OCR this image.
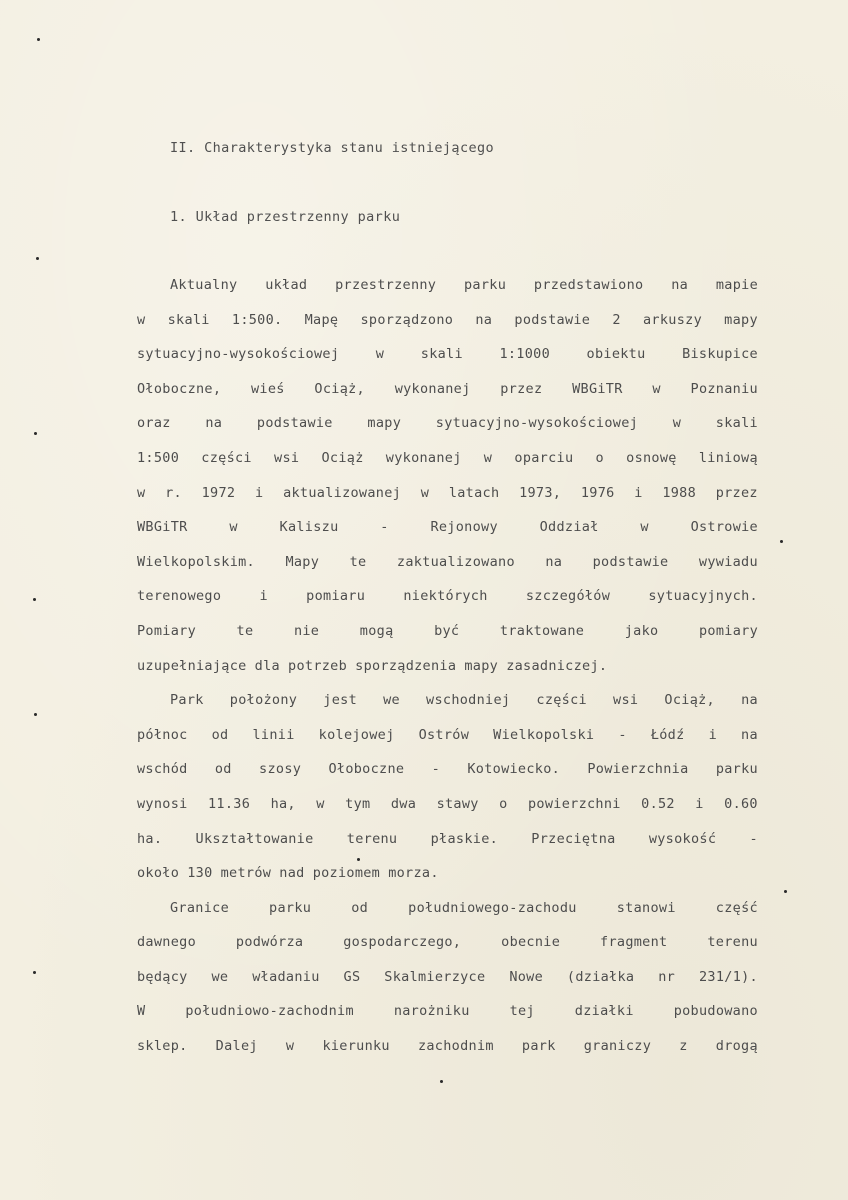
II. Charakterystyka stanu istniejącego
1. Układ przestrzenny parku
Aktualny układ przestrzenny parku przedstawiono na mapie
w skali 1:500. Mapę sporządzono na podstawie 2 arkuszy mapy
sytuacyjno-wysokościowej	w	skali	1:1000	obiektu	Biskupice
Ołoboczne, wieś Ociąż, wykonanej przez WBGiTR w Poznaniu
oraz	na	podstawie	mapy	sytuacyjno-wysokościowej	w	skali
1:500 części wsi Ociąż wykonanej w oparciu o osnowę liniową
w r. 1972 i aktualizowanej w latach 1973, 1976 i 1988 przez
WBGiTR	w	Kaliszu	-	Rejonowy	Oddział	w	Ostrowie
Wielkopolskim. Mapy te zaktualizowano na podstawie wywiadu
terenowego	i	pomiaru	niektórych	szczegółów	sytuacyjnych.
Pomiary	te	nie	mogą	być	traktowane	jako	pomiary
uzupełniające dla potrzeb sporządzenia mapy zasadniczej.
Park położony jest we wschodniej części wsi Ociąż, na
północ od linii kolejowej Ostrów Wielkopolski - Łódź i na
wschód od szosy Ołoboczne - Kotowiecko. Powierzchnia parku
wynosi 11.36 ha, w tym dwa stawy o powierzchni 0.52 i 0.60
ha. Ukształtowanie terenu płaskie. Przeciętna wysokość -
około 130 metrów nad poziomem morza.
Granice	parku	od	południowego-zachodu	stanowi	część
dawnego	podwórza	gospodarczego,	obecnie	fragment	terenu
będący we władaniu GS Skalmierzyce Nowe (działka nr 231/1).
W	południowo-zachodnim	narożniku	tej	działki	pobudowano
sklep. Dalej w kierunku zachodnim park graniczy z drogą
